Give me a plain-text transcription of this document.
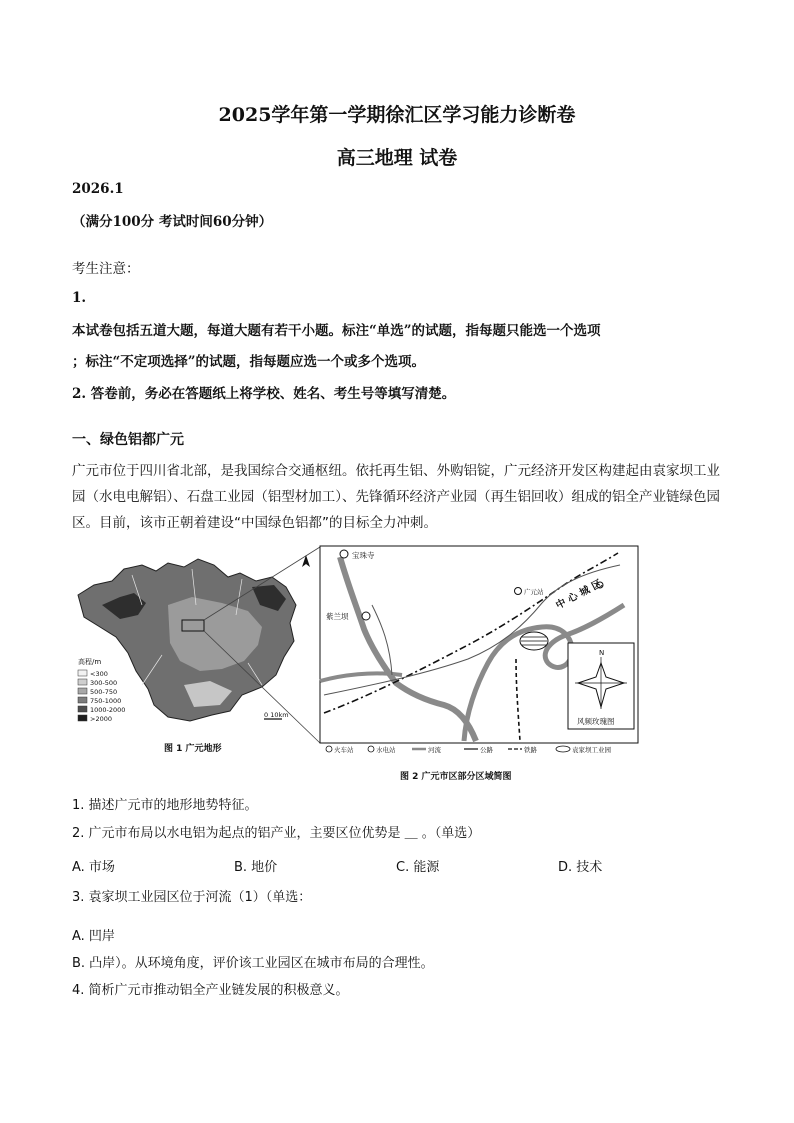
2025学年第一学期徐汇区学习能力诊断卷
高三地理 试卷
2026.1
（满分100分 考试时间60分钟）
考生注意：
1.
本试卷包括五道大题，每道大题有若干小题。标注“单选”的试题，指每题只能选一个选项
；标注“不定项选择”的试题，指每题应选一个或多个选项。
2. 答卷前，务必在答题纸上将学校、姓名、考生号等填写清楚。
一、绿色铝都广元
广元市位于四川省北部，是我国综合交通枢纽。依托再生铝、外购铝锭，广元经济开发区构建起由袁家坝工业园（水电电解铝）、石盘工业园（铝型材加工）、先锋循环经济产业园（再生铝回收）组成的铝全产业链绿色园区。目前，该市正朝着建设“中国绿色铝都”的目标全力冲刺。
高程/m
<300
300-500
500-750
750-1000
1000-2000
>2000	0 10km
图 1 广元地形
宝珠寺
紫兰坝
广元站 中 心 城 区
N
风频玫瑰图
火车站	水电站	河流	公路	铁路	袁家坝工业园
图 2 广元市区部分区域简图
1. 描述广元市的地形地势特征。
2. 广元市布局以水电铝为起点的铝产业，主要区位优势是 ＿ 。（单选）
A. 市场	B. 地价	C. 能源	D. 技术
3. 袁家坝工业园区位于河流（1）（单选：
A. 凹岸
B. 凸岸）。从环境角度，评价该工业园区在城市布局的合理性。
4. 简析广元市推动铝全产业链发展的积极意义。
